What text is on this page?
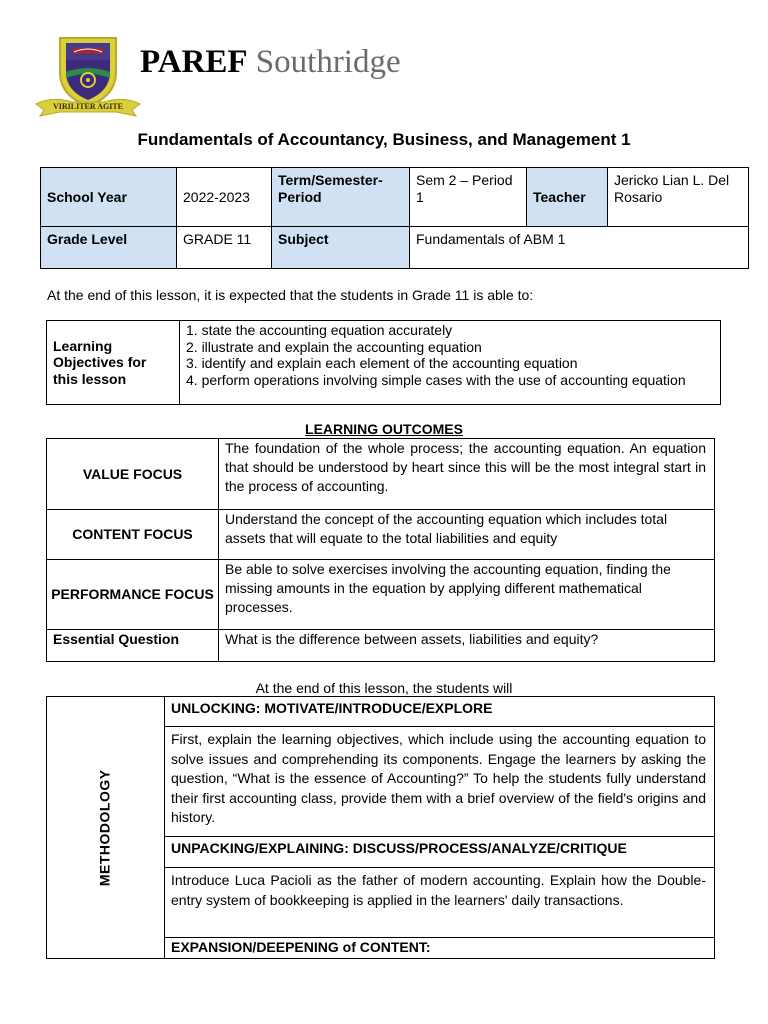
VIRILITER AGITE
PAREF Southridge
Fundamentals of Accountancy, Business, and Management 1
School Year	2022-2023	Term/Semester-Period	Sem 2 – Period 1	Teacher	Jericko Lian L. Del Rosario
Grade Level	GRADE 11	Subject	Fundamentals of ABM 1		
At the end of this lesson, it is expected that the students in Grade 11 is able to:
Learning Objectives for this lesson	
1. state the accounting equation accurately
2. illustrate and explain the accounting equation
3. identify and explain each element of the accounting equation
4. perform operations involving simple cases with the use of accounting equation
LEARNING OUTCOMES
VALUE FOCUS	The foundation of the whole process; the accounting equation. An equation that should be understood by heart since this will be the most integral start in the process of accounting.
CONTENT FOCUS	Understand the concept of the accounting equation which includes total assets that will equate to the total liabilities and equity
PERFORMANCE FOCUS	Be able to solve exercises involving the accounting equation, finding the missing amounts in the equation by applying different mathematical processes.
Essential Question	What is the difference between assets, liabilities and equity?
At the end of this lesson, the students will
METHODOLOGY	UNLOCKING: MOTIVATE/INTRODUCE/EXPLORE
First, explain the learning objectives, which include using the accounting equation to solve issues and comprehending its components. Engage the learners by asking the question, “What is the essence of Accounting?” To help the students fully understand their first accounting class, provide them with a brief overview of the field's origins and history.
UNPACKING/EXPLAINING: DISCUSS/PROCESS/ANALYZE/CRITIQUE
Introduce Luca Pacioli as the father of modern accounting. Explain how the Double-entry system of bookkeeping is applied in the learners' daily transactions.
EXPANSION/DEEPENING of CONTENT:
